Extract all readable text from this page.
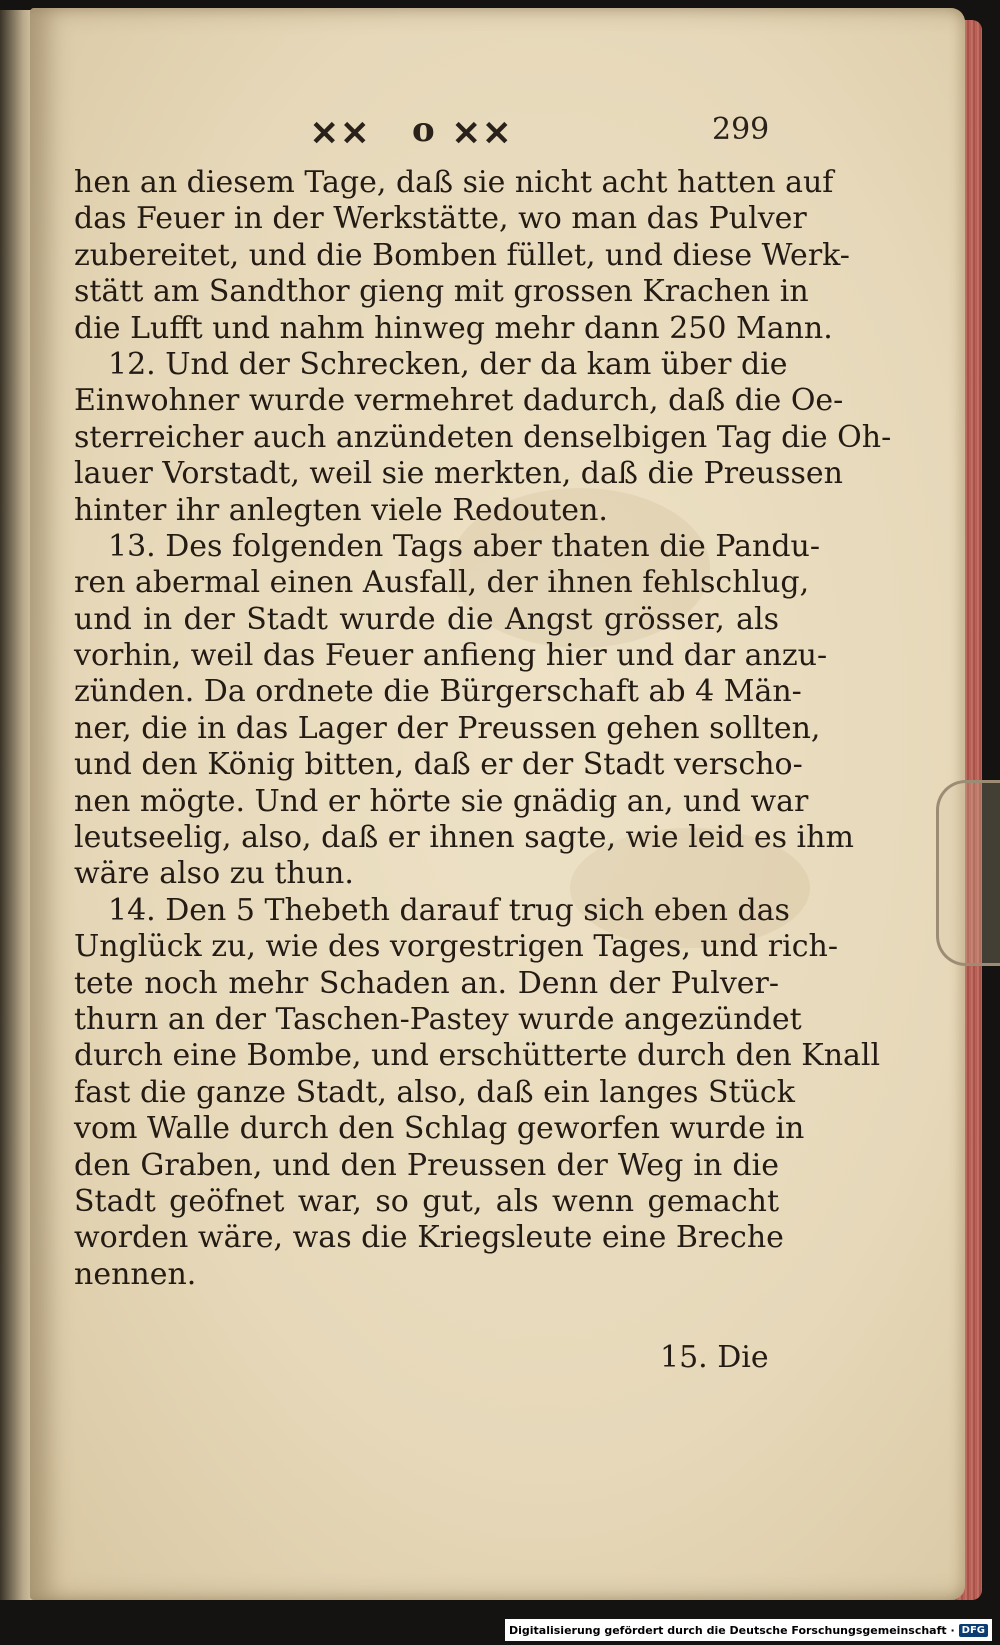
✕✕ o ✕✕	299
hen an diesem Tage, daß sie nicht acht hatten auf
das Feuer in der Werkstätte, wo man das Pulver
zubereitet, und die Bomben füllet, und diese Werk-
stätt am Sandthor gieng mit grossen Krachen in
die Lufft und nahm hinweg mehr dann 250 Mann.
12. Und der Schrecken, der da kam über die
Einwohner wurde vermehret dadurch, daß die Oe-
sterreicher auch anzündeten denselbigen Tag die Oh-
lauer Vorstadt, weil sie merkten, daß die Preussen
hinter ihr anlegten viele Redouten.
13. Des folgenden Tags aber thaten die Pandu-
ren abermal einen Ausfall, der ihnen fehlschlug,
und in der Stadt wurde die Angst grösser, als
vorhin, weil das Feuer anfieng hier und dar anzu-
zünden. Da ordnete die Bürgerschaft ab 4 Män-
ner, die in das Lager der Preussen gehen sollten,
und den König bitten, daß er der Stadt verscho-
nen mögte. Und er hörte sie gnädig an, und war
leutseelig, also, daß er ihnen sagte, wie leid es ihm
wäre also zu thun.
14. Den 5 Thebeth darauf trug sich eben das
Unglück zu, wie des vorgestrigen Tages, und rich-
tete noch mehr Schaden an. Denn der Pulver-
thurn an der Taschen-Pastey wurde angezündet
durch eine Bombe, und erschütterte durch den Knall
fast die ganze Stadt, also, daß ein langes Stück
vom Walle durch den Schlag geworfen wurde in
den Graben, und den Preussen der Weg in die
Stadt geöfnet war, so gut, als wenn gemacht
worden wäre, was die Kriegsleute eine Breche
nennen.
15. Die
Digitalisierung gefördert durch die Deutsche Forschungsgemeinschaft · DFG
